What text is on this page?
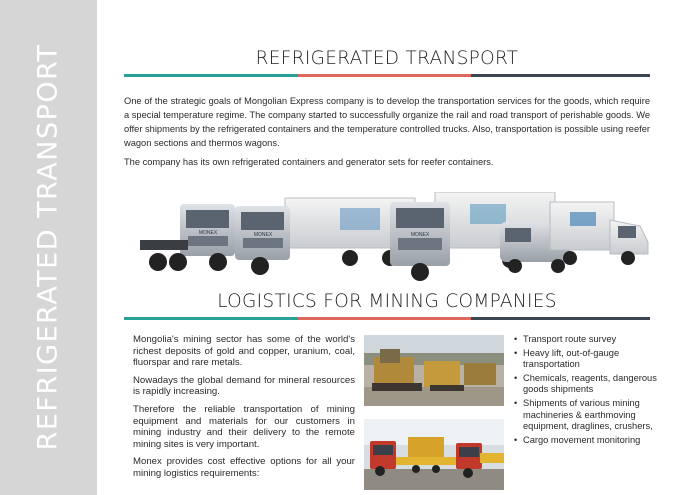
REFRIGERATED TRANSPORT	REFRIGERATED TRANSPORT

One of the strategic goals of Mongolian Express company is to develop the transportation services for the goods, which require a special temperature regime. The company started to successfully organize the rail and road transport of perishable goods. We offer shipments by the refrigerated containers and the temperature controlled trucks. Also, transportation is possible using reefer wagon sections and thermos wagons.

The company has its own refrigerated containers and generator sets for reefer containers.

MONEX	MONEX	MONEX
LOGISTICS FOR MINING COMPANIES

Mongolia's mining sector has some of the world's richest deposits of gold and copper, uranium, coal, fluorspar and rare metals.

Nowadays the global demand for mineral resources is rapidly increasing.

Therefore the reliable transportation of mining equipment and materials for our customers in mining industry and their delivery to the remote mining sites is very important.

Monex provides cost effective options for all your mining logistics requirements:

• Transport route survey
• Heavy lift, out-of-gauge transportation
• Chemicals, reagents, dangerous goods shipments
• Shipments of various mining machineries & earthmoving equipment, draglines, crushers,
• Cargo movement monitoring
